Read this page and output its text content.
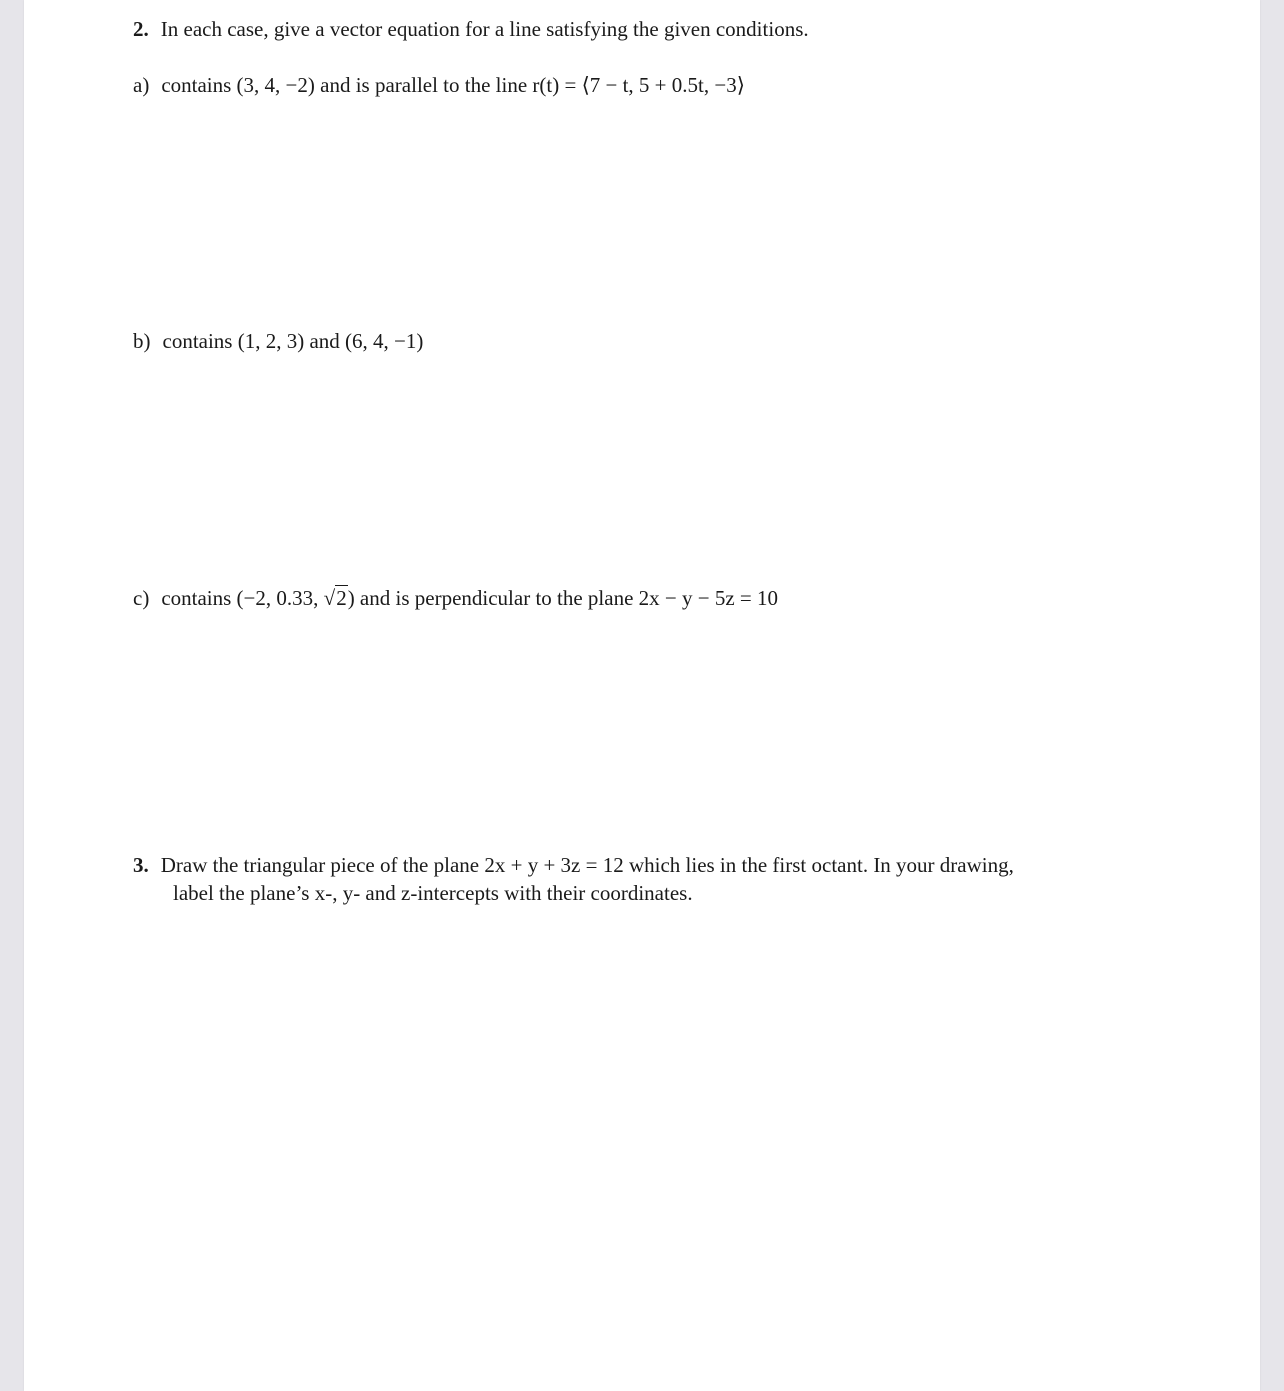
2. In each case, give a vector equation for a line satisfying the given conditions.
a) contains (3, 4, −2) and is parallel to the line r(t) = ⟨7 − t, 5 + 0.5t, −3⟩
b) contains (1, 2, 3) and (6, 4, −1)
c) contains (−2, 0.33, √2) and is perpendicular to the plane 2x − y − 5z = 10
3. Draw the triangular piece of the plane 2x + y + 3z = 12 which lies in the first octant. In your drawing,
label the plane’s x-, y- and z-intercepts with their coordinates.
